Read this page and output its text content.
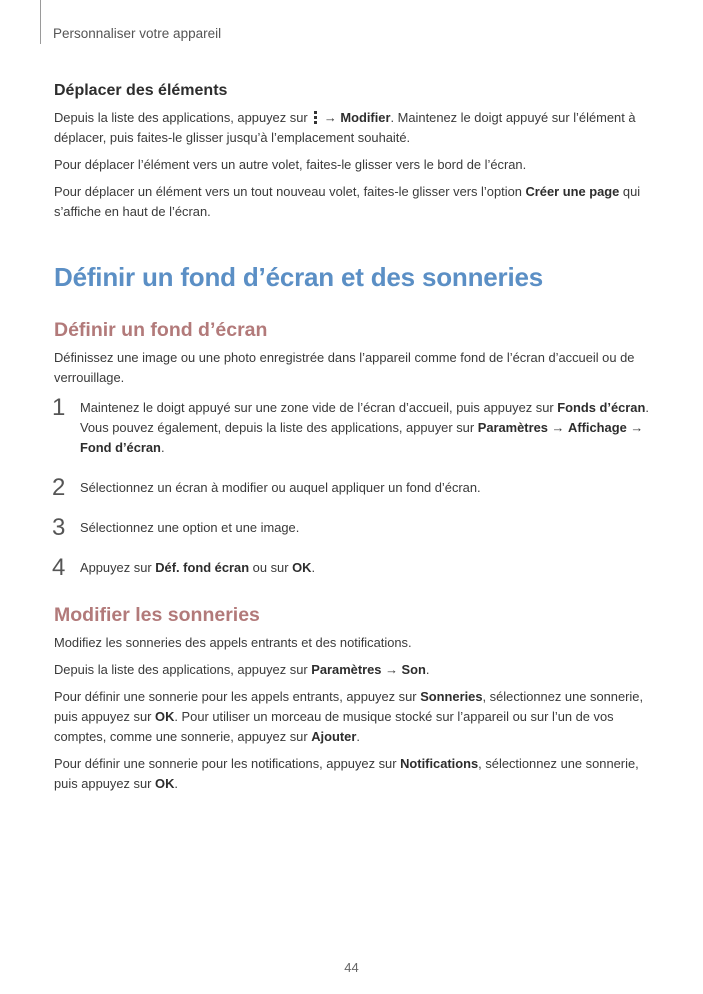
Personnaliser votre appareil
Déplacer des éléments

Depuis la liste des applications, appuyez sur  → Modifier. Maintenez le doigt appuyé sur l’élément à déplacer, puis faites-le glisser jusqu’à l’emplacement souhaité.

Pour déplacer l’élément vers un autre volet, faites-le glisser vers le bord de l’écran.

Pour déplacer un élément vers un tout nouveau volet, faites-le glisser vers l’option Créer une page qui s’affiche en haut de l’écran.

Définir un fond d’écran et des sonneries
Définir un fond d’écran

Définissez une image ou une photo enregistrée dans l’appareil comme fond de l’écran d’accueil ou de verrouillage.

1 Maintenez le doigt appuyé sur une zone vide de l’écran d’accueil, puis appuyez sur Fonds d’écran. Vous pouvez également, depuis la liste des applications, appuyer sur Paramètres → Affichage → Fond d’écran.

2 Sélectionnez un écran à modifier ou auquel appliquer un fond d’écran.

3 Sélectionnez une option et une image.

4 Appuyez sur Déf. fond écran ou sur OK.

Modifier les sonneries

Modifiez les sonneries des appels entrants et des notifications.

Depuis la liste des applications, appuyez sur Paramètres → Son.

Pour définir une sonnerie pour les appels entrants, appuyez sur Sonneries, sélectionnez une sonnerie, puis appuyez sur OK. Pour utiliser un morceau de musique stocké sur l’appareil ou sur l’un de vos comptes, comme une sonnerie, appuyez sur Ajouter.

Pour définir une sonnerie pour les notifications, appuyez sur Notifications, sélectionnez une sonnerie, puis appuyez sur OK.

44
